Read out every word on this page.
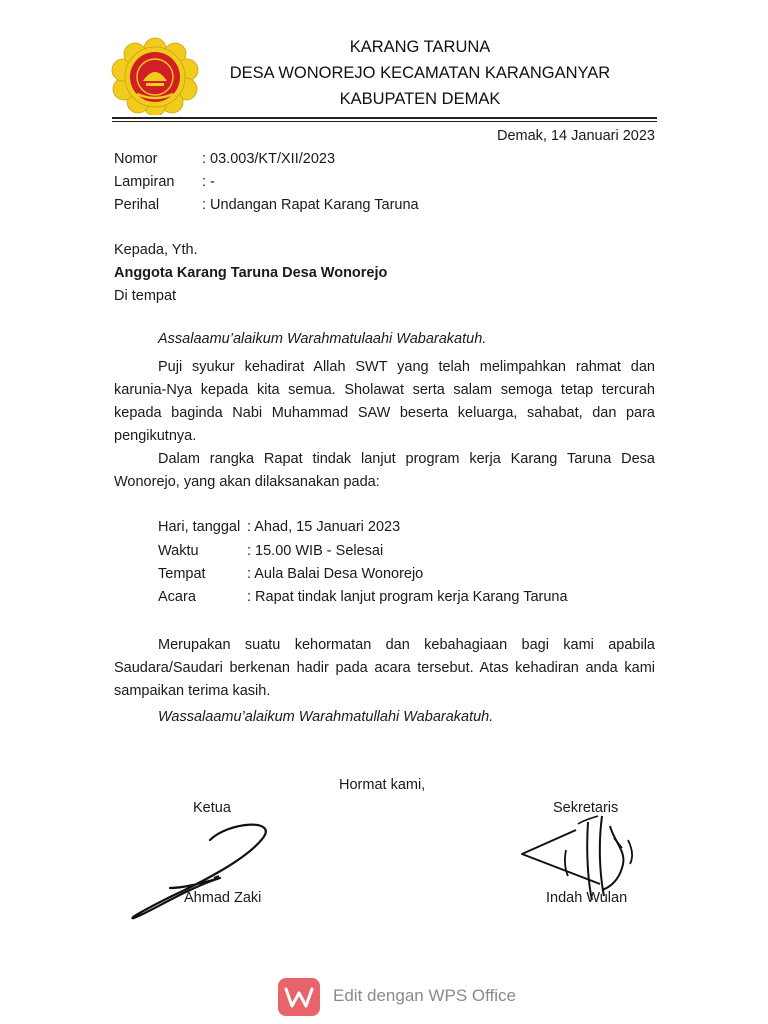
KARANG TARUNA
DESA WONOREJO KECAMATAN KARANGANYAR
KABUPATEN DEMAK
Demak, 14 Januari 2023
Nomor	: 03.003/KT/XII/2023
Lampiran : -
Perihal	: Undangan Rapat Karang Taruna
Kepada, Yth.
Anggota Karang Taruna Desa Wonorejo
Di tempat
Assalaamu’alaikum Warahmatulaahi Wabarakatuh.
Puji syukur kehadirat Allah SWT yang telah melimpahkan rahmat dan karunia-Nya kepada kita semua. Sholawat serta salam semoga tetap tercurah kepada baginda Nabi Muhammad SAW beserta keluarga, sahabat, dan para pengikutnya.
Dalam rangka Rapat tindak lanjut program kerja Karang Taruna Desa Wonorejo, yang akan dilaksanakan pada:
Hari, tanggal : Ahad, 15 Januari 2023
Waktu	: 15.00 WIB - Selesai
Tempat	: Aula Balai Desa Wonorejo
Acara	: Rapat tindak lanjut program kerja Karang Taruna
Merupakan suatu kehormatan dan kebahagiaan bagi kami apabila Saudara/Saudari berkenan hadir pada acara tersebut. Atas kehadiran anda kami sampaikan terima kasih.
Wassalaamu’alaikum Warahmatullahi Wabarakatuh.
Hormat kami,
Ketua	Sekretaris
Ahmad Zaki	Indah Wulan
Edit dengan WPS Office
